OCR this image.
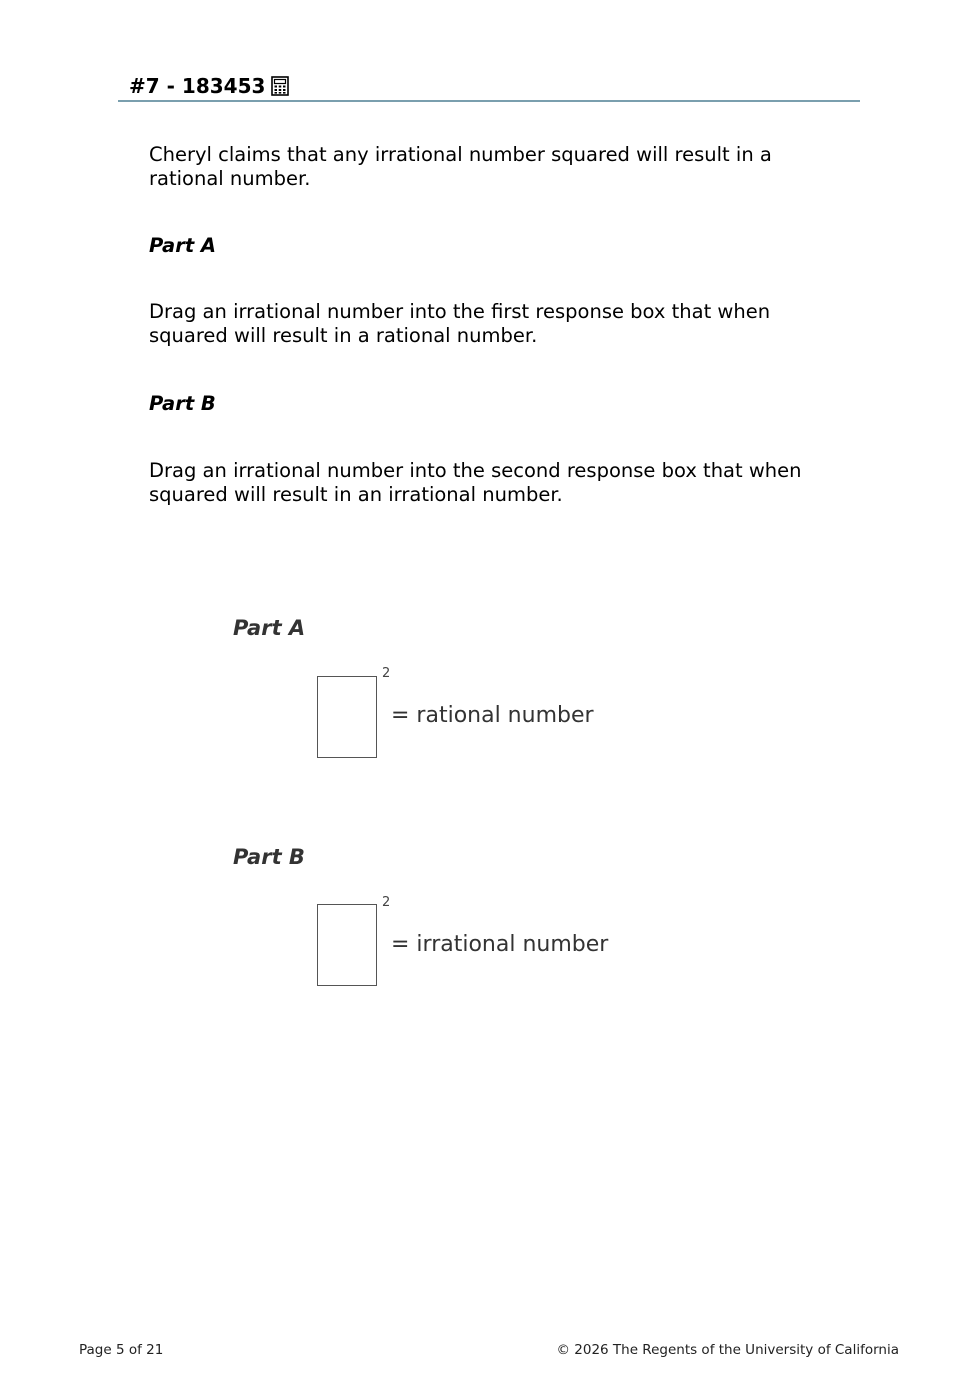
#7 - 183453

Cheryl claims that any irrational number squared will result in a rational number.

Part A

Drag an irrational number into the first response box that when squared will result in a rational number.

Part B

Drag an irrational number into the second response box that when squared will result in an irrational number.

Part A

2
= rational number

Part B

2
= irrational number
Page 5 of 21	© 2026 The Regents of the University of California
